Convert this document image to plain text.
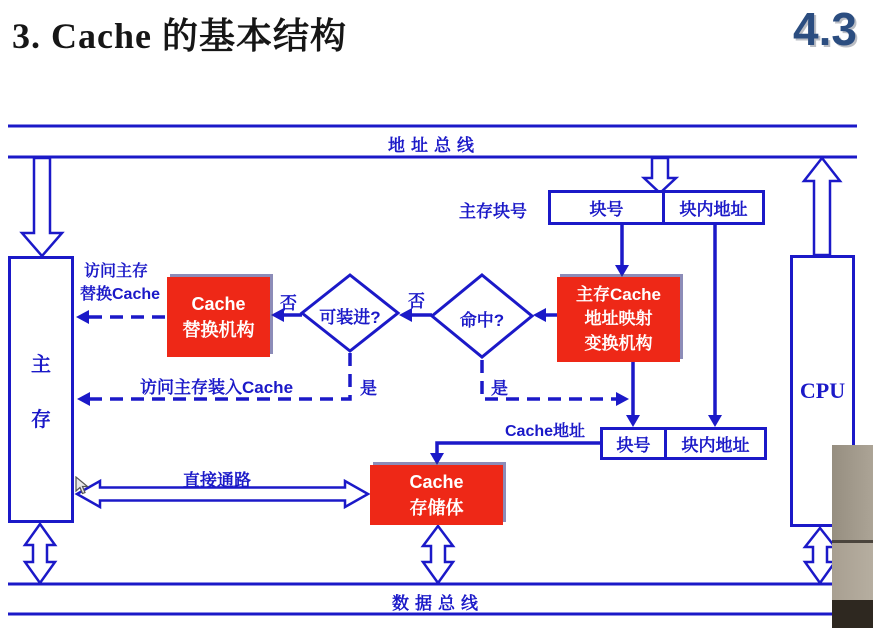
3. Cache 的基本结构	4.3
地址总线
数据总线
主
存
CPU
主存块号	块号	块内地址
Cache地址
块号 块内地址
Cache
替换机构
主存Cache
地址映射
变换机构
Cache
存储体
可装进?	命中?
访问主存
替换Cache	否	否
是	是
访问主存装入Cache
直接通路
